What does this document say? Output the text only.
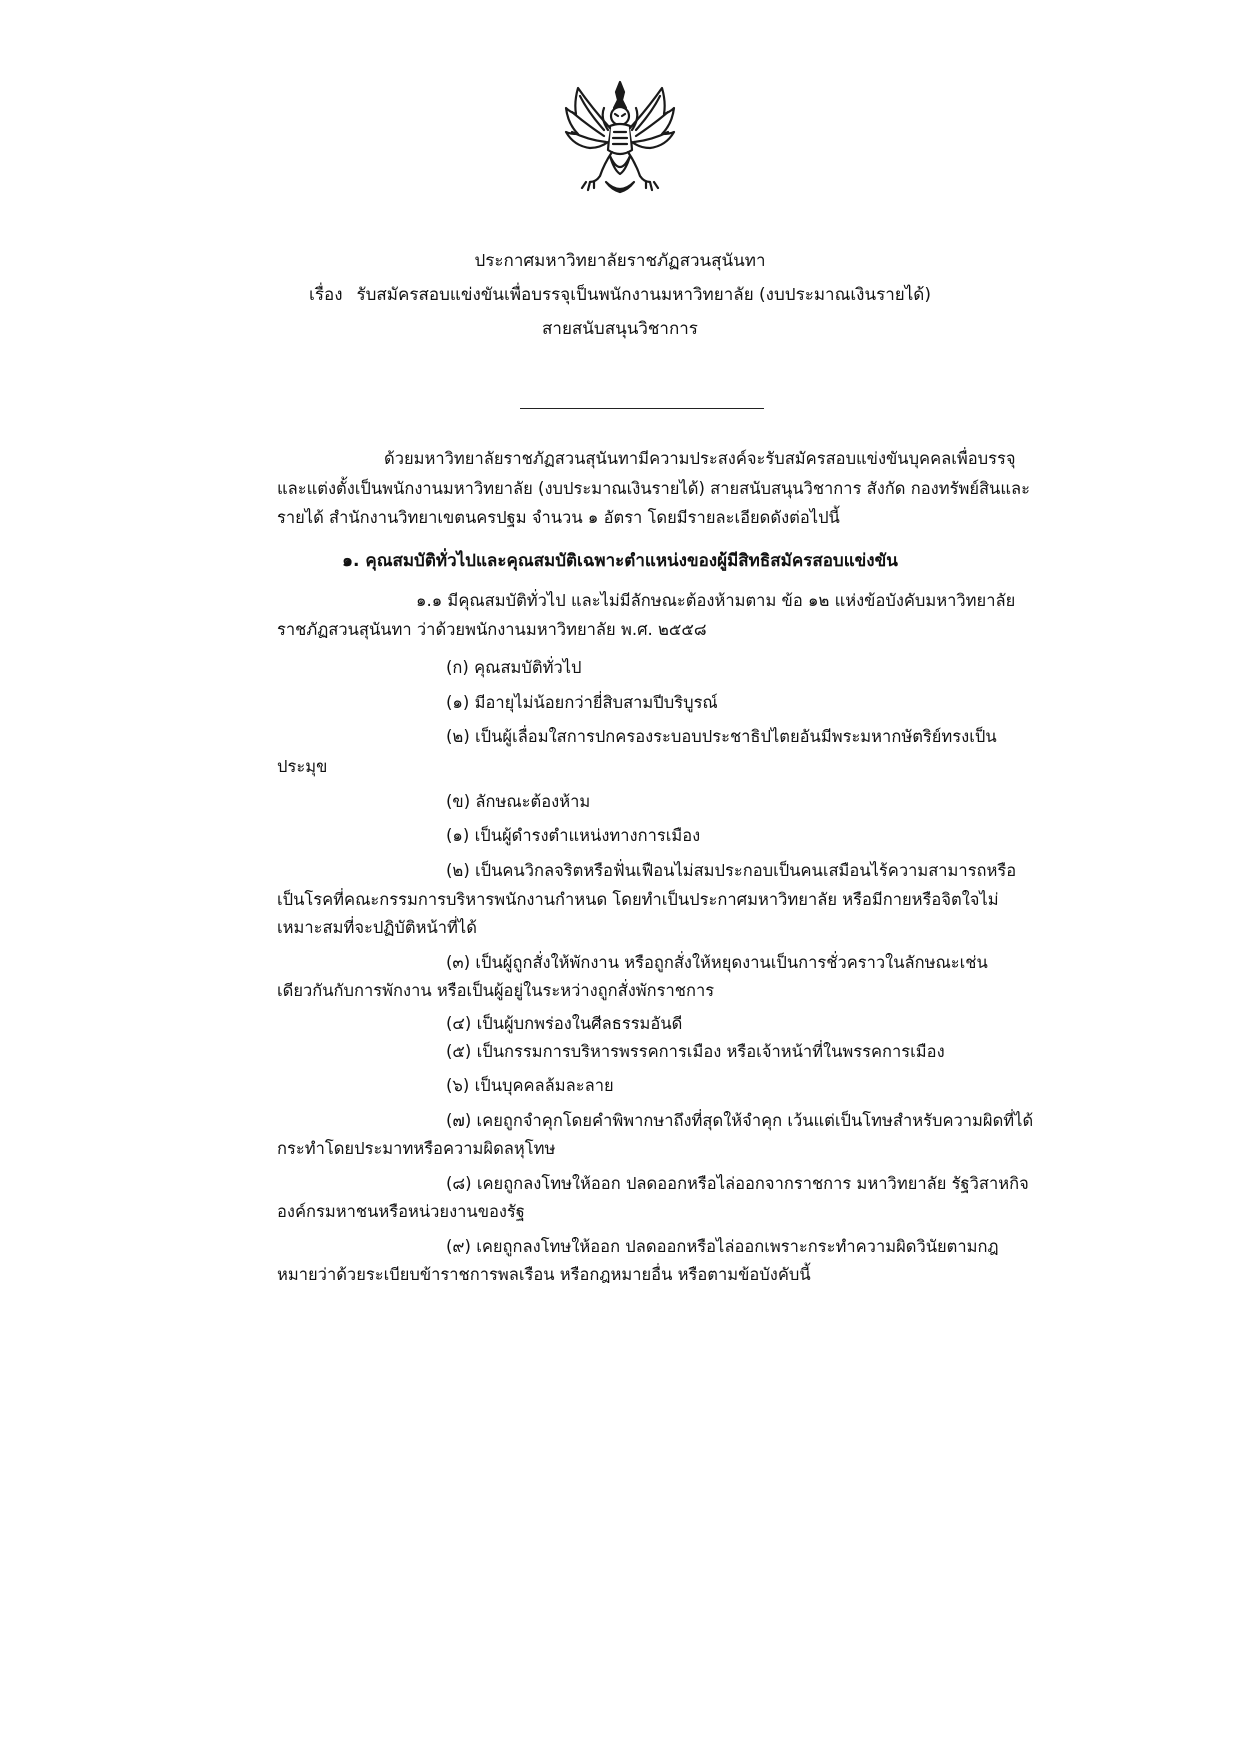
ประกาศมหาวิทยาลัยราชภัฏสวนสุนันทา
เรื่อง รับสมัครสอบแข่งขันเพื่อบรรจุเป็นพนักงานมหาวิทยาลัย (งบประมาณเงินรายได้)
สายสนับสนุนวิชาการ
ด้วยมหาวิทยาลัยราชภัฏสวนสุนันทามีความประสงค์จะรับสมัครสอบแข่งขันบุคคลเพื่อบรรจุ
และแต่งตั้งเป็นพนักงานมหาวิทยาลัย (งบประมาณเงินรายได้) สายสนับสนุนวิชาการ สังกัด กองทรัพย์สินและ
รายได้ สำนักงานวิทยาเขตนครปฐม จำนวน ๑ อัตรา โดยมีรายละเอียดดังต่อไปนี้
๑. คุณสมบัติทั่วไปและคุณสมบัติเฉพาะตำแหน่งของผู้มีสิทธิสมัครสอบแข่งขัน
๑.๑ มีคุณสมบัติทั่วไป และไม่มีลักษณะต้องห้ามตาม ข้อ ๑๒ แห่งข้อบังคับมหาวิทยาลัย
ราชภัฏสวนสุนันทา ว่าด้วยพนักงานมหาวิทยาลัย พ.ศ. ๒๕๕๘
(ก) คุณสมบัติทั่วไป
(๑) มีอายุไม่น้อยกว่ายี่สิบสามปีบริบูรณ์
(๒) เป็นผู้เลื่อมใสการปกครองระบอบประชาธิปไตยอันมีพระมหากษัตริย์ทรงเป็น
ประมุข
(ข) ลักษณะต้องห้าม
(๑) เป็นผู้ดำรงตำแหน่งทางการเมือง
(๒) เป็นคนวิกลจริตหรือฟั่นเฟือนไม่สมประกอบเป็นคนเสมือนไร้ความสามารถหรือ
เป็นโรคที่คณะกรรมการบริหารพนักงานกำหนด โดยทำเป็นประกาศมหาวิทยาลัย หรือมีกายหรือจิตใจไม่
เหมาะสมที่จะปฏิบัติหน้าที่ได้
(๓) เป็นผู้ถูกสั่งให้พักงาน หรือถูกสั่งให้หยุดงานเป็นการชั่วคราวในลักษณะเช่น
เดียวกันกับการพักงาน หรือเป็นผู้อยู่ในระหว่างถูกสั่งพักราชการ
(๔) เป็นผู้บกพร่องในศีลธรรมอันดี
(๕) เป็นกรรมการบริหารพรรคการเมือง หรือเจ้าหน้าที่ในพรรคการเมือง
(๖) เป็นบุคคลล้มละลาย
(๗) เคยถูกจำคุกโดยคำพิพากษาถึงที่สุดให้จำคุก เว้นแต่เป็นโทษสำหรับความผิดที่ได้
กระทำโดยประมาทหรือความผิดลหุโทษ
(๘) เคยถูกลงโทษให้ออก ปลดออกหรือไล่ออกจากราชการ มหาวิทยาลัย รัฐวิสาหกิจ
องค์กรมหาชนหรือหน่วยงานของรัฐ
(๙) เคยถูกลงโทษให้ออก ปลดออกหรือไล่ออกเพราะกระทำความผิดวินัยตามกฎ
หมายว่าด้วยระเบียบข้าราชการพลเรือน หรือกฎหมายอื่น หรือตามข้อบังคับนี้
